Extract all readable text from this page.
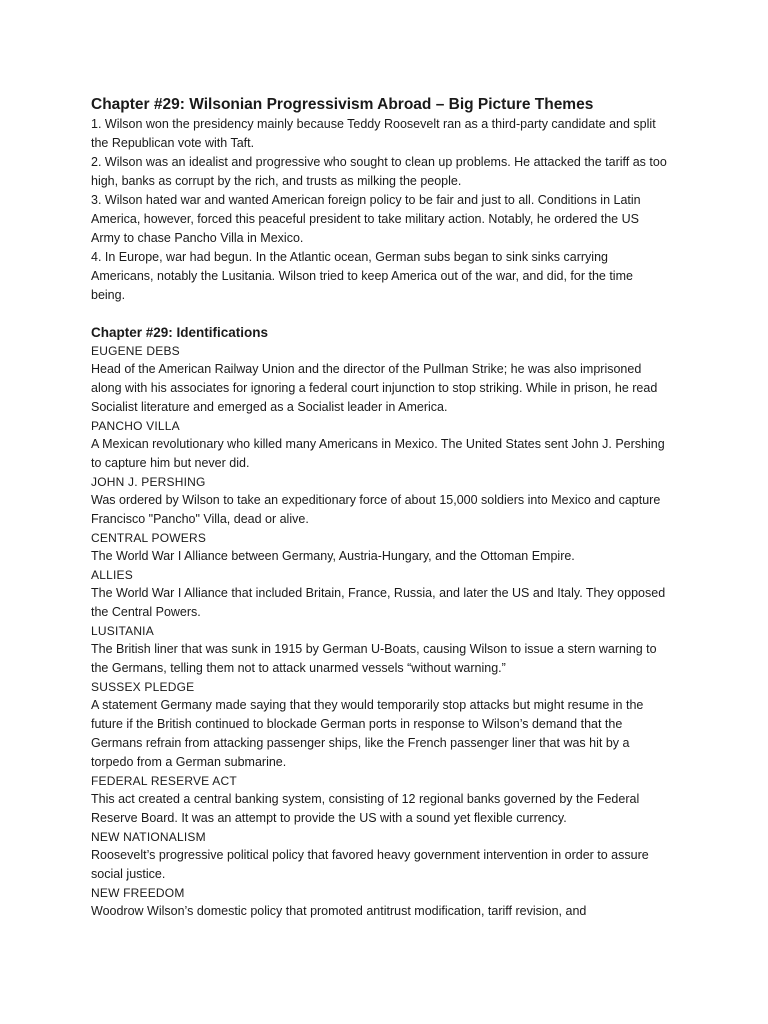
Chapter #29: Wilsonian Progressivism Abroad – Big Picture Themes
1. Wilson won the presidency mainly because Teddy Roosevelt ran as a third-party candidate and split the Republican vote with Taft.
2. Wilson was an idealist and progressive who sought to clean up problems. He attacked the tariff as too high, banks as corrupt by the rich, and trusts as milking the people.
3. Wilson hated war and wanted American foreign policy to be fair and just to all. Conditions in Latin America, however, forced this peaceful president to take military action. Notably, he ordered the US Army to chase Pancho Villa in Mexico.
4. In Europe, war had begun. In the Atlantic ocean, German subs began to sink sinks carrying Americans, notably the Lusitania. Wilson tried to keep America out of the war, and did, for the time being.
Chapter #29: Identifications

EUGENE DEBS

Head of the American Railway Union and the director of the Pullman Strike; he was also imprisoned along with his associates for ignoring a federal court injunction to stop striking. While in prison, he read Socialist literature and emerged as a Socialist leader in America.

PANCHO VILLA

A Mexican revolutionary who killed many Americans in Mexico. The United States sent John J. Pershing to capture him but never did.

JOHN J. PERSHING

Was ordered by Wilson to take an expeditionary force of about 15,000 soldiers into Mexico and capture Francisco "Pancho" Villa, dead or alive.

CENTRAL POWERS

The World War I Alliance between Germany, Austria-Hungary, and the Ottoman Empire.

ALLIES

The World War I Alliance that included Britain, France, Russia, and later the US and Italy. They opposed the Central Powers.

LUSITANIA

The British liner that was sunk in 1915 by German U-Boats, causing Wilson to issue a stern warning to the Germans, telling them not to attack unarmed vessels “without warning.”

SUSSEX PLEDGE

A statement Germany made saying that they would temporarily stop attacks but might resume in the future if the British continued to blockade German ports in response to Wilson’s demand that the Germans refrain from attacking passenger ships, like the French passenger liner that was hit by a torpedo from a German submarine.

FEDERAL RESERVE ACT

This act created a central banking system, consisting of 12 regional banks governed by the Federal Reserve Board. It was an attempt to provide the US with a sound yet flexible currency.

NEW NATIONALISM

Roosevelt’s progressive political policy that favored heavy government intervention in order to assure social justice.

NEW FREEDOM

Woodrow Wilson’s domestic policy that promoted antitrust modification, tariff revision, and
